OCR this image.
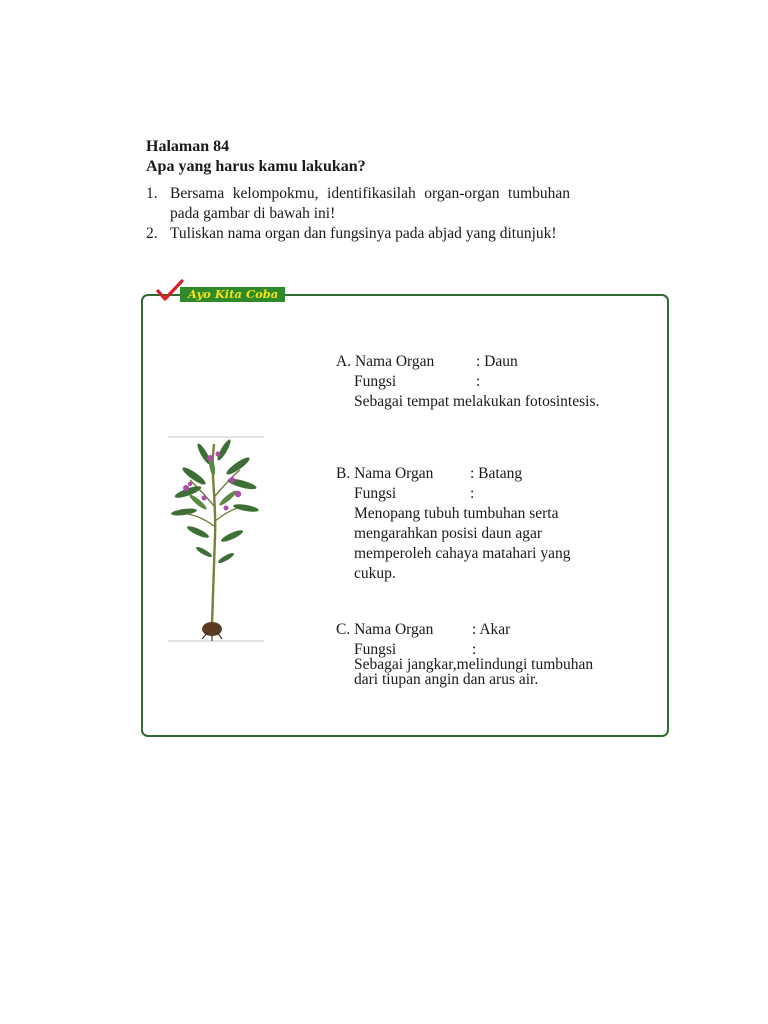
Halaman 84
Apa yang harus kamu lakukan?
1. Bersama kelompokmu, identifikasilah organ-organ tumbuhan pada gambar di bawah ini!
2. Tuliskan nama organ dan fungsinya pada abjad yang ditunjuk!
Ayo Kita Coba
A. Nama Organ	: Daun
Fungsi	:
Sebagai tempat melakukan fotosintesis.
B. Nama Organ : Batang
Fungsi	:
Menopang tubuh tumbuhan serta
mengarahkan posisi daun agar
memperoleh cahaya matahari yang
cukup.
C. Nama Organ : Akar
Fungsi	:
Sebagai jangkar,melindungi tumbuhan
dari tiupan angin dan arus air.
